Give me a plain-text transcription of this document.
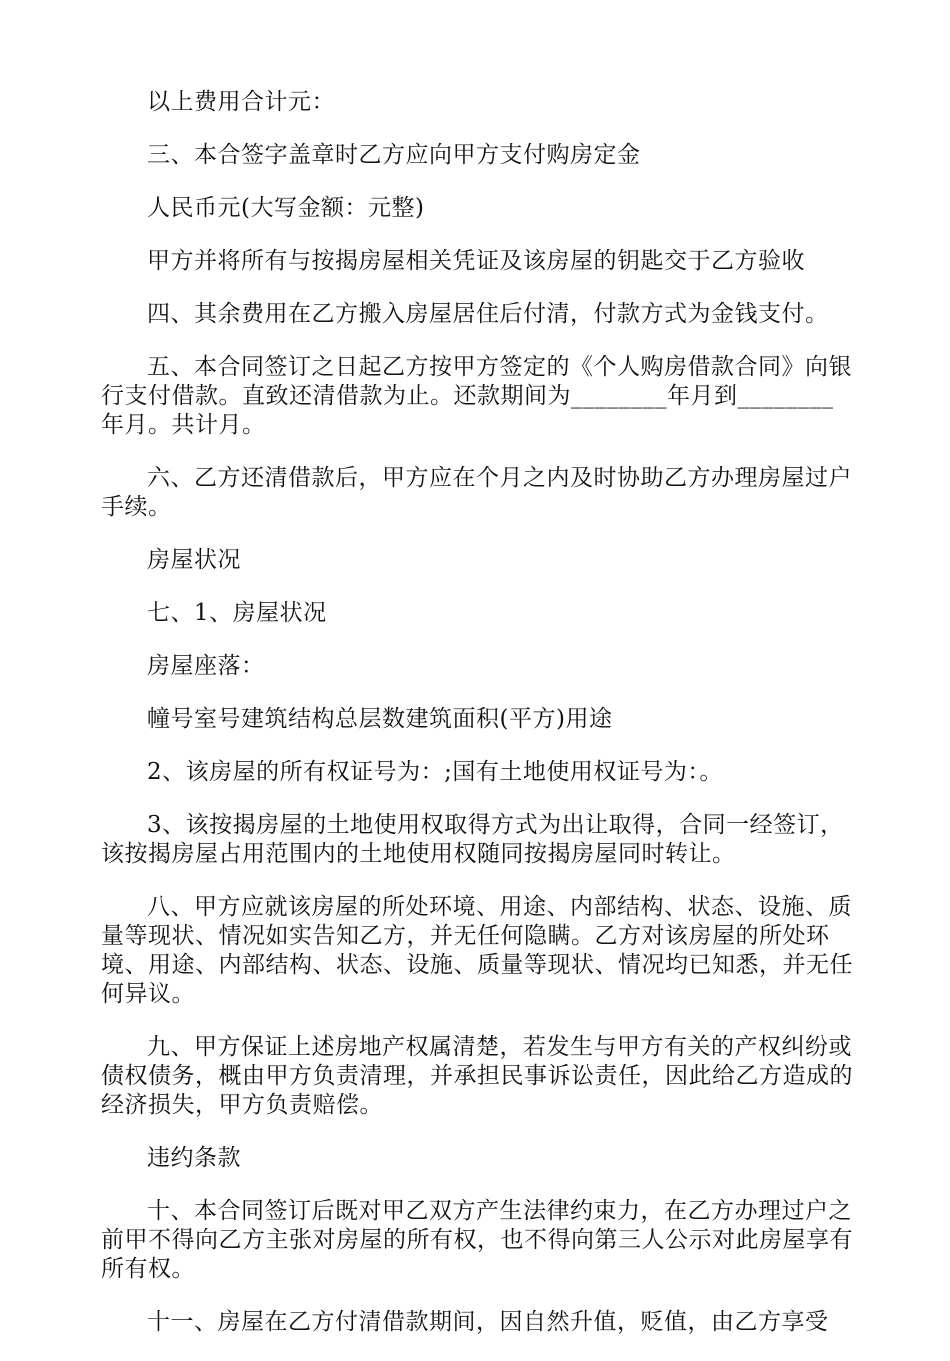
以上费用合计元：

三、本合签字盖章时乙方应向甲方支付购房定金

人民币元(大写金额：元整)

甲方并将所有与按揭房屋相关凭证及该房屋的钥匙交于乙方验收

四、其余费用在乙方搬入房屋居住后付清，付款方式为金钱支付。

五、本合同签订之日起乙方按甲方签定的《个人购房借款合同》向银行支付借款。直致还清借款为止。还款期间为________年月到________年月。共计月。

六、乙方还清借款后，甲方应在个月之内及时协助乙方办理房屋过户手续。

房屋状况

七、1、房屋状况

房屋座落：

幢号室号建筑结构总层数建筑面积(平方)用途

2、该房屋的所有权证号为：;国有土地使用权证号为：。

3、该按揭房屋的土地使用权取得方式为出让取得，合同一经签订，该按揭房屋占用范围内的土地使用权随同按揭房屋同时转让。

八、甲方应就该房屋的所处环境、用途、内部结构、状态、设施、质量等现状、情况如实告知乙方，并无任何隐瞒。乙方对该房屋的所处环境、用途、内部结构、状态、设施、质量等现状、情况均已知悉，并无任何异议。

九、甲方保证上述房地产权属清楚，若发生与甲方有关的产权纠纷或债权债务，概由甲方负责清理，并承担民事诉讼责任，因此给乙方造成的经济损失，甲方负责赔偿。

违约条款

十、本合同签订后既对甲乙双方产生法律约束力，在乙方办理过户之前甲不得向乙方主张对房屋的所有权，也不得向第三人公示对此房屋享有所有权。

十一、房屋在乙方付清借款期间，因自然升值，贬值，由乙方享受
